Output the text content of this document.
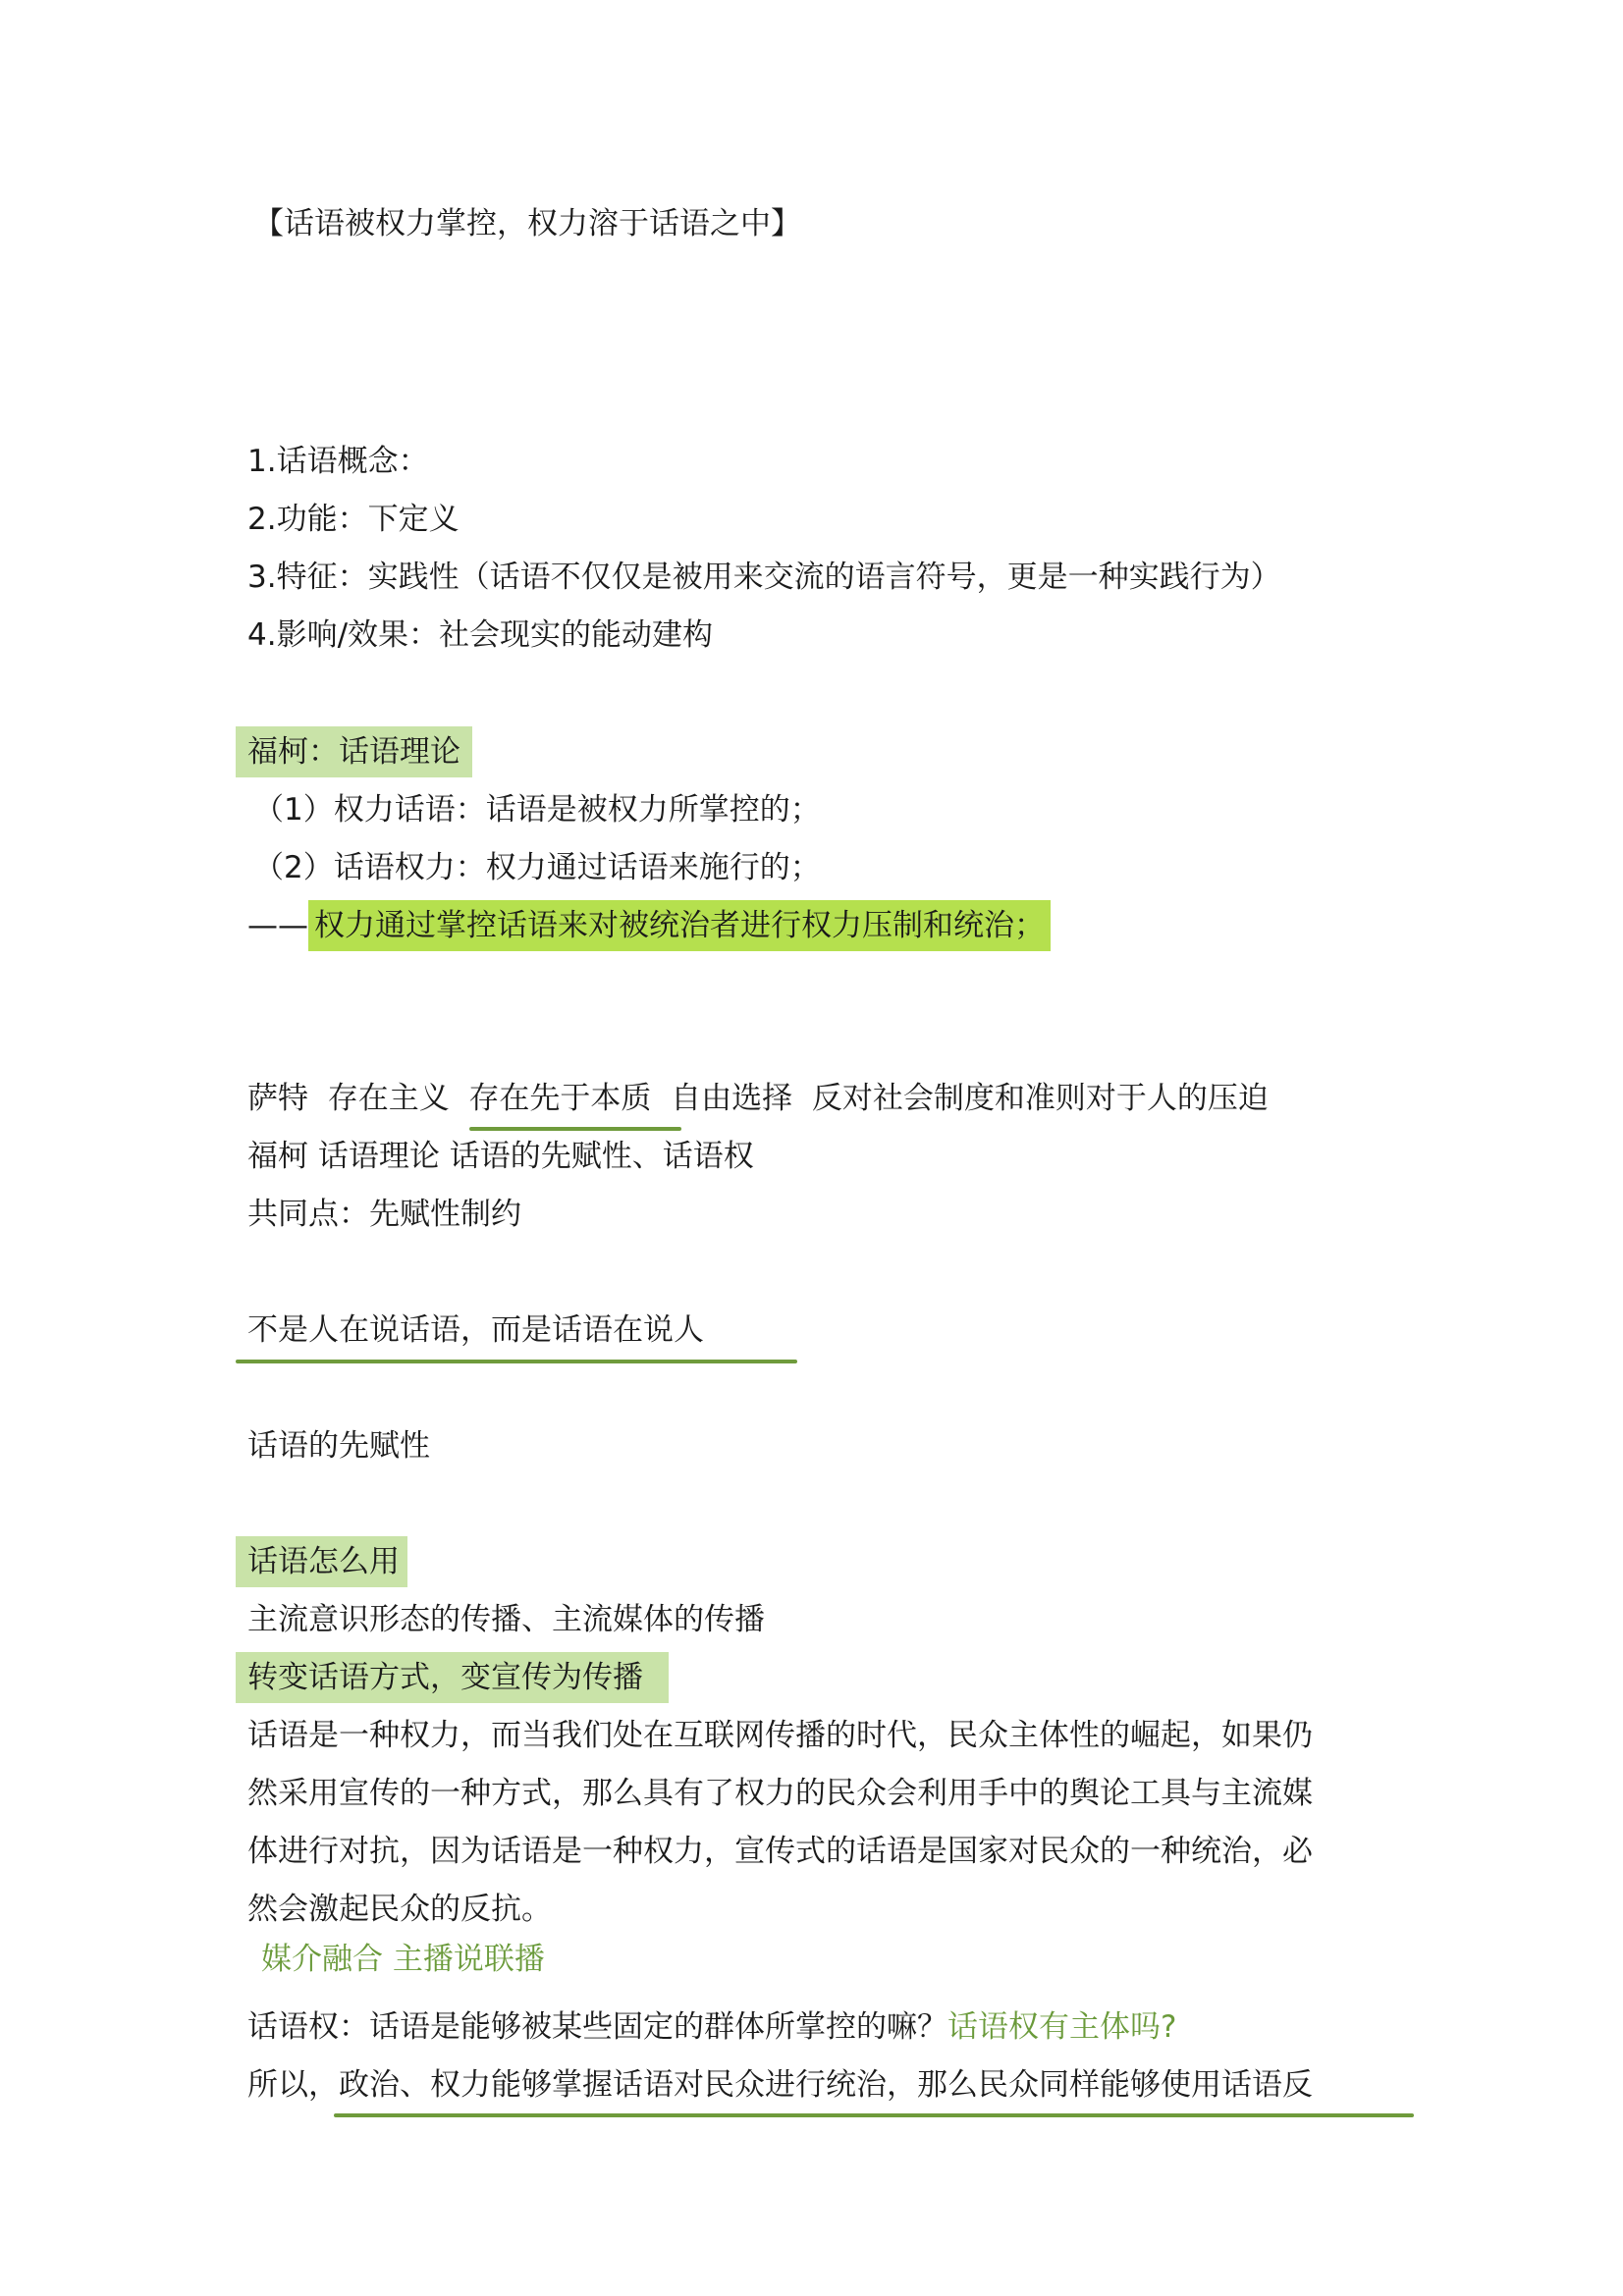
【话语被权力掌控，权力溶于话语之中】

1.话语概念：

2.功能：下定义

3.特征：实践性（话语不仅仅是被用来交流的语言符号，更是一种实践行为）

4.影响/效果：社会现实的能动建构

福柯：话语理论

（1）权力话语：话语是被权力所掌控的；

（2）话语权力：权力通过话语来施行的；

—— 权力通过掌控话语来对被统治者进行权力压制和统治；

萨特  存在主义  存在先于本质  自由选择  反对社会制度和准则对于人的压迫

福柯 话语理论 话语的先赋性、话语权

共同点：先赋性制约

不是人在说话语，而是话语在说人

话语的先赋性

话语怎么用

主流意识形态的传播、主流媒体的传播

转变话语方式，变宣传为传播

话语是一种权力，而当我们处在互联网传播的时代，民众主体性的崛起，如果仍

然采用宣传的一种方式，那么具有了权力的民众会利用手中的舆论工具与主流媒

体进行对抗，因为话语是一种权力，宣传式的话语是国家对民众的一种统治，必

然会激起民众的反抗。

媒介融合 主播说联播

话语权：话语是能够被某些固定的群体所掌控的嘛？话语权有主体吗?

所以，政治、权力能够掌握话语对民众进行统治，那么民众同样能够使用话语反
